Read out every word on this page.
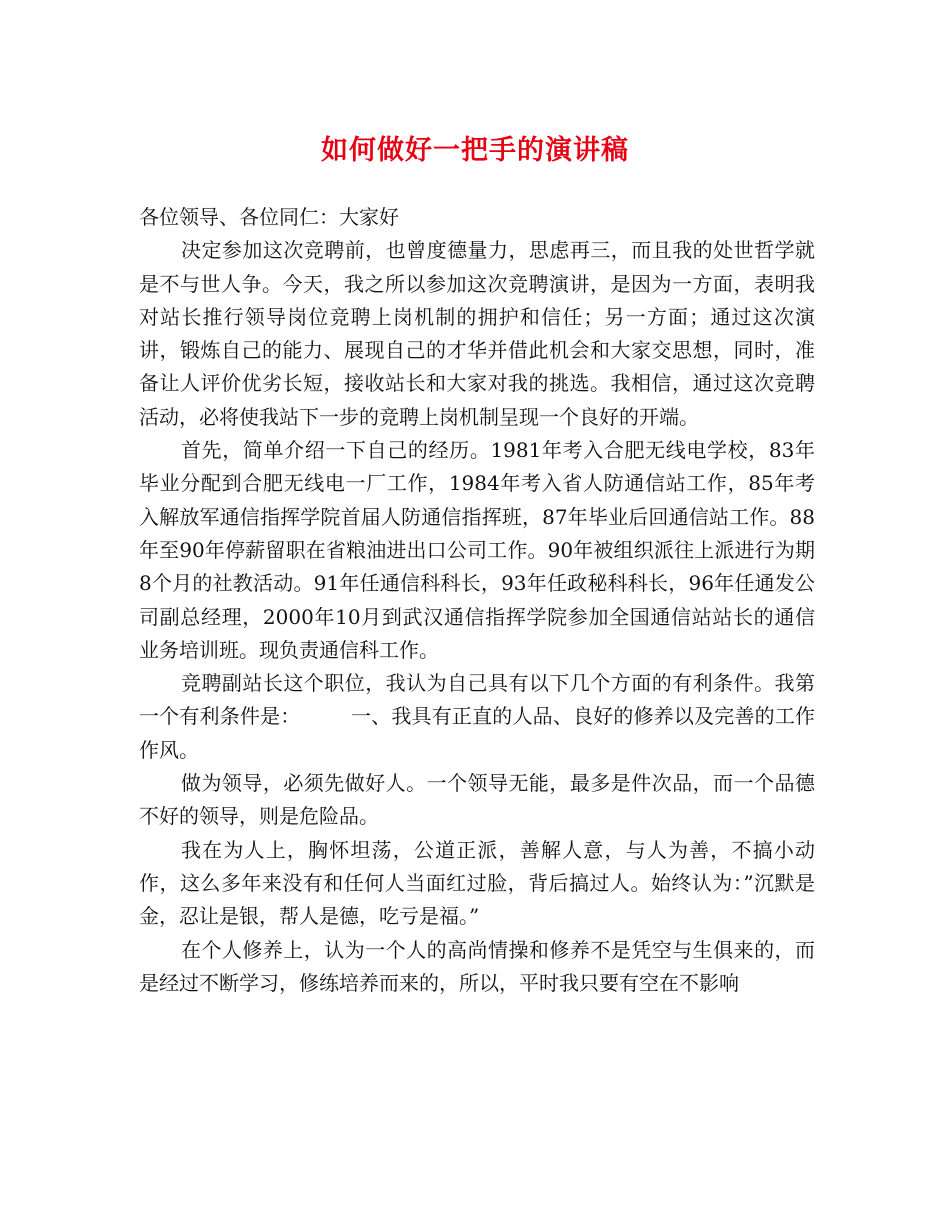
如何做好一把手的演讲稿

各位领导、各位同仁：大家好

决定参加这次竞聘前，也曾度德量力，思虑再三，而且我的处世哲学就是不与世人争。今天，我之所以参加这次竞聘演讲，是因为一方面，表明我对站长推行领导岗位竞聘上岗机制的拥护和信任；另一方面；通过这次演讲，锻炼自己的能力、展现自己的才华并借此机会和大家交思想，同时，准备让人评价优劣长短，接收站长和大家对我的挑选。我相信，通过这次竞聘活动，必将使我站下一步的竞聘上岗机制呈现一个良好的开端。

首先，简单介绍一下自己的经历。1981年考入合肥无线电学校，83年毕业分配到合肥无线电一厂工作，1984年考入省人防通信站工作，85年考入解放军通信指挥学院首届人防通信指挥班，87年毕业后回通信站工作。88年至90年停薪留职在省粮油进出口公司工作。90年被组织派往上派进行为期8个月的社教活动。91年任通信科科长，93年任政秘科科长，96年任通发公司副总经理，2000年10月到武汉通信指挥学院参加全国通信站站长的通信业务培训班。现负责通信科工作。

竞聘副站长这个职位，我认为自己具有以下几个方面的有利条件。我第一个有利条件是：　　　一、我具有正直的人品、良好的修养以及完善的工作作风。

做为领导，必须先做好人。一个领导无能，最多是件次品，而一个品德不好的领导，则是危险品。

我在为人上，胸怀坦荡，公道正派，善解人意，与人为善，不搞小动作，这么多年来没有和任何人当面红过脸，背后搞过人。始终认为：”沉默是金，忍让是银，帮人是德，吃亏是福。”

在个人修养上，认为一个人的高尚情操和修养不是凭空与生俱来的，而是经过不断学习，修练培养而来的，所以，平时我只要有空在不影响
